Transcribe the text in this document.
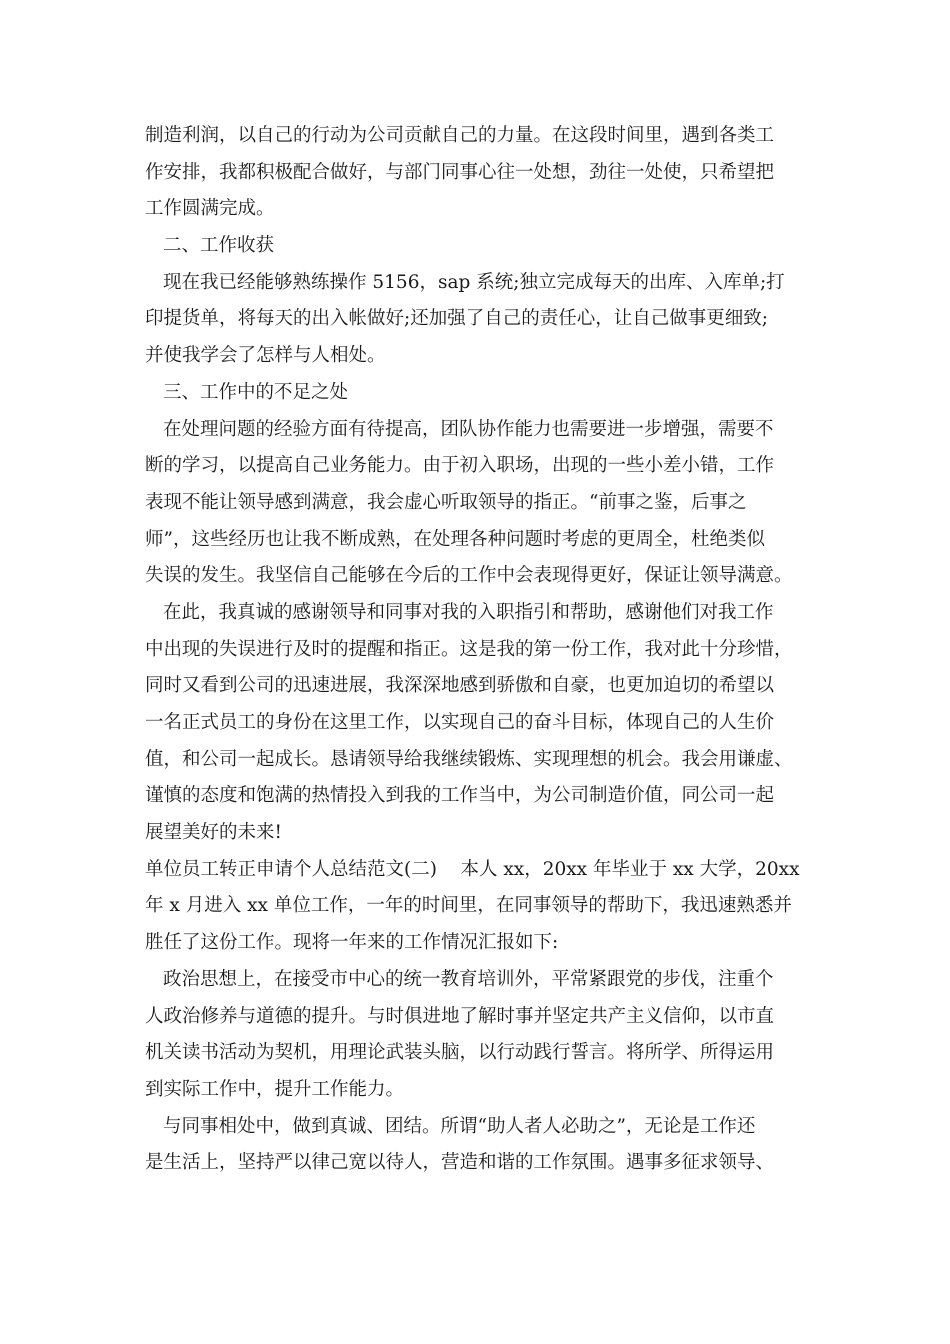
制造利润，以自己的行动为公司贡献自己的力量。在这段时间里，遇到各类工
作安排，我都积极配合做好，与部门同事心往一处想，劲往一处使，只希望把
工作圆满完成。
二、工作收获
现在我已经能够熟练操作 5156，sap 系统;独立完成每天的出库、入库单;打
印提货单，将每天的出入帐做好;还加强了自己的责任心，让自己做事更细致;
并使我学会了怎样与人相处。
三、工作中的不足之处
在处理问题的经验方面有待提高，团队协作能力也需要进一步增强，需要不
断的学习，以提高自己业务能力。由于初入职场，出现的一些小差小错，工作
表现不能让领导感到满意，我会虚心听取领导的指正。“前事之鉴，后事之
师”，这些经历也让我不断成熟，在处理各种问题时考虑的更周全，杜绝类似
失误的发生。我坚信自己能够在今后的工作中会表现得更好，保证让领导满意。
在此，我真诚的感谢领导和同事对我的入职指引和帮助，感谢他们对我工作
中出现的失误进行及时的提醒和指正。这是我的第一份工作，我对此十分珍惜，
同时又看到公司的迅速进展，我深深地感到骄傲和自豪，也更加迫切的希望以
一名正式员工的身份在这里工作，以实现自己的奋斗目标，体现自己的人生价
值，和公司一起成长。恳请领导给我继续锻炼、实现理想的机会。我会用谦虚、
谨慎的态度和饱满的热情投入到我的工作当中，为公司制造价值，同公司一起
展望美好的未来!
单位员工转正申请个人总结范文(二)    本人 xx，20xx 年毕业于 xx 大学，20xx
年 x 月进入 xx 单位工作，一年的时间里，在同事领导的帮助下，我迅速熟悉并
胜任了这份工作。现将一年来的工作情况汇报如下:
政治思想上，在接受市中心的统一教育培训外，平常紧跟党的步伐，注重个
人政治修养与道德的提升。与时俱进地了解时事并坚定共产主义信仰，以市直
机关读书活动为契机，用理论武装头脑，以行动践行誓言。将所学、所得运用
到实际工作中，提升工作能力。
与同事相处中，做到真诚、团结。所谓“助人者人必助之”，无论是工作还
是生活上，坚持严以律己宽以待人，营造和谐的工作氛围。遇事多征求领导、
